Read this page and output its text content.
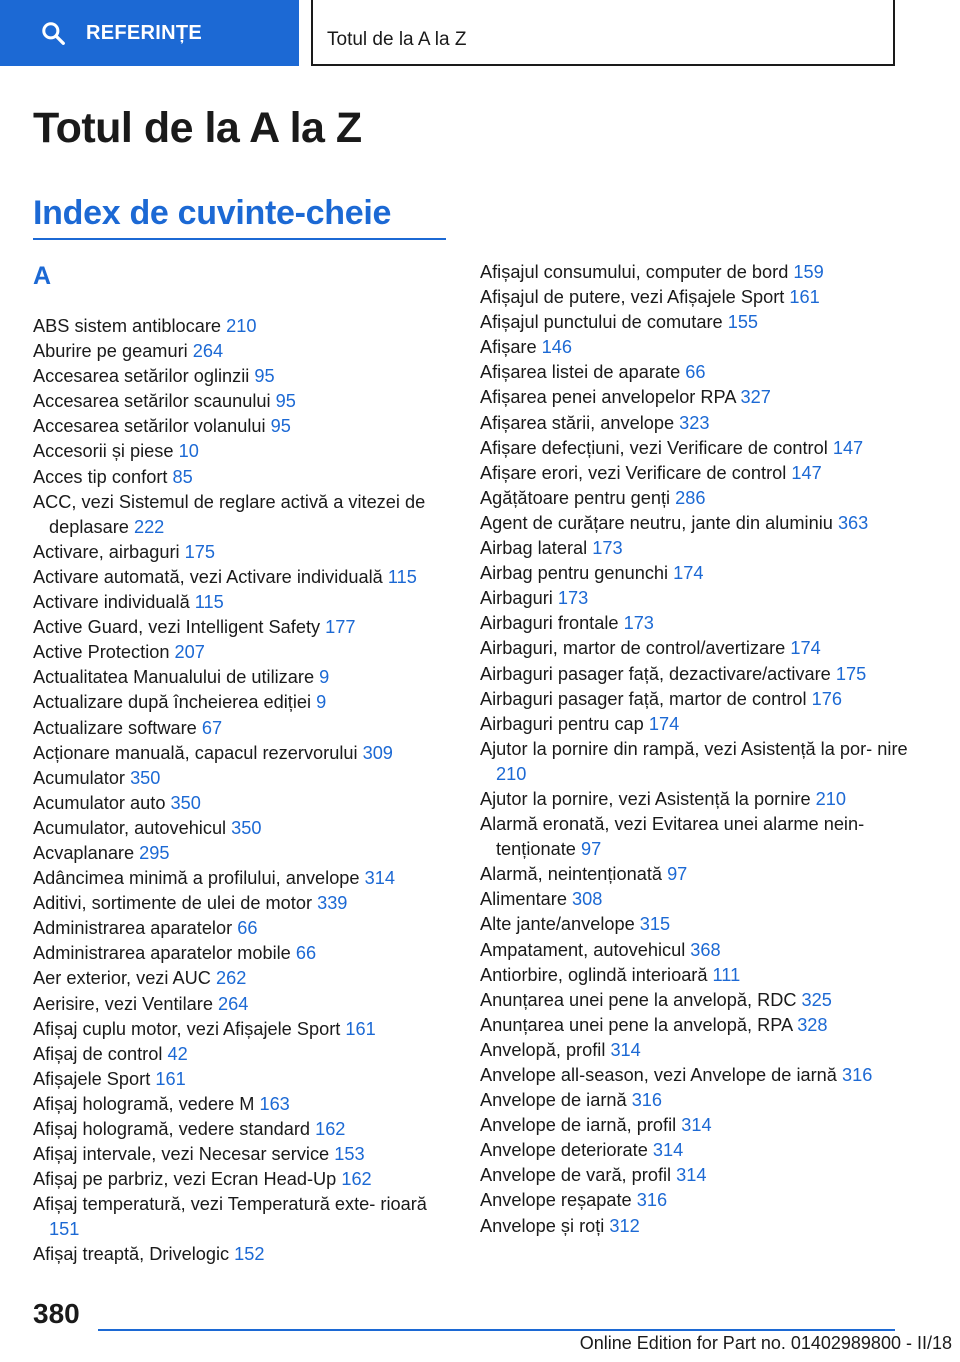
REFERINȚE	Totul de la A la Z
Totul de la A la Z
Index de cuvinte-cheie
A
ABS sistem antiblocare 210
Aburire pe geamuri 264
Accesarea setărilor oglinzii 95
Accesarea setărilor scaunului 95
Accesarea setărilor volanului 95
Accesorii și piese 10
Acces tip confort 85
ACC, vezi Sistemul de reglare activă a vitezei de deplasare 222
Activare, airbaguri 175
Activare automată, vezi Activare individuală 115
Activare individuală 115
Active Guard, vezi Intelligent Safety 177
Active Protection 207
Actualitatea Manualului de utilizare 9
Actualizare după încheierea ediției 9
Actualizare software 67
Acționare manuală, capacul rezervorului 309
Acumulator 350
Acumulator auto 350
Acumulator, autovehicul 350
Acvaplanare 295
Adâncimea minimă a profilului, anvelope 314
Aditivi, sortimente de ulei de motor 339
Administrarea aparatelor 66
Administrarea aparatelor mobile 66
Aer exterior, vezi AUC 262
Aerisire, vezi Ventilare 264
Afișaj cuplu motor, vezi Afișajele Sport 161
Afișaj de control 42
Afișajele Sport 161
Afișaj hologramă, vedere M 163
Afișaj hologramă, vedere standard 162
Afișaj intervale, vezi Necesar service 153
Afișaj pe parbriz, vezi Ecran Head-Up 162
Afișaj temperatură, vezi Temperatură exte- rioară 151
Afișaj treaptă, Drivelogic 152
Afișajul consumului, computer de bord 159
Afișajul de putere, vezi Afișajele Sport 161
Afișajul punctului de comutare 155
Afișare 146
Afișarea listei de aparate 66
Afișarea penei anvelopelor RPA 327
Afișarea stării, anvelope 323
Afișare defecțiuni, vezi Verificare de control 147
Afișare erori, vezi Verificare de control 147
Agățătoare pentru genți 286
Agent de curățare neutru, jante din aluminiu 363
Airbag lateral 173
Airbag pentru genunchi 174
Airbaguri 173
Airbaguri frontale 173
Airbaguri, martor de control/avertizare 174
Airbaguri pasager față, dezactivare/activare 175
Airbaguri pasager față, martor de control 176
Airbaguri pentru cap 174
Ajutor la pornire din rampă, vezi Asistență la por- nire 210
Ajutor la pornire, vezi Asistență la pornire 210
Alarmă eronată, vezi Evitarea unei alarme nein- tenționate 97
Alarmă, neintenționată 97
Alimentare 308
Alte jante/anvelope 315
Ampatament, autovehicul 368
Antiorbire, oglindă interioară 111
Anunțarea unei pene la anvelopă, RDC 325
Anunțarea unei pene la anvelopă, RPA 328
Anvelopă, profil 314
Anvelope all-season, vezi Anvelope de iarnă 316
Anvelope de iarnă 316
Anvelope de iarnă, profil 314
Anvelope deteriorate 314
Anvelope de vară, profil 314
Anvelope reșapate 316
Anvelope și roți 312
380
Online Edition for Part no. 01402989800 - II/18
